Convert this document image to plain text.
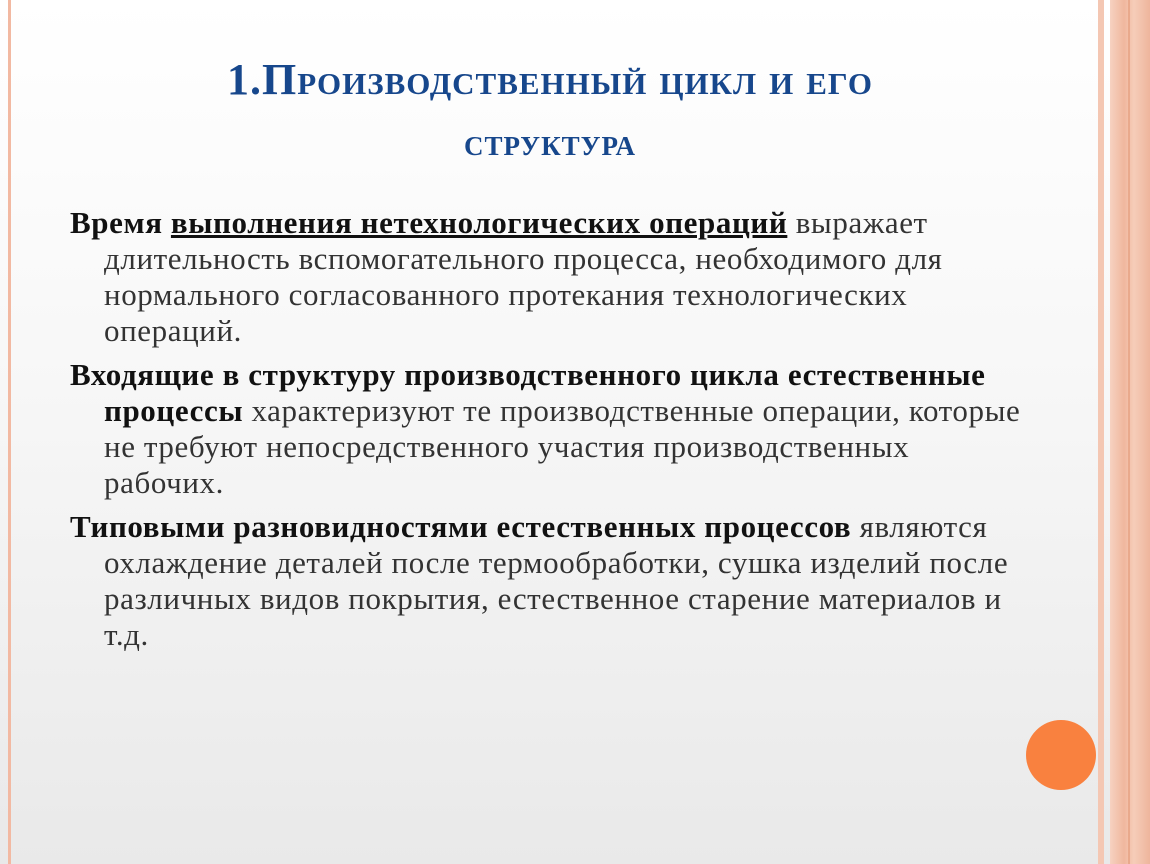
1.Производственный цикл и его
структура

Время выполнения нетехнологических операций выражает длительность вспомогательного процесса, необходимого для нормального согласованного протекания технологических операций.

Входящие в структуру производственного цикла естественные процессы характеризуют те производственные операции, которые не требуют непосредственного участия производственных рабочих.

Типовыми разновидностями естественных процессов являются охлаждение деталей после термообработки, сушка изделий после различных видов покрытия, естественное старение материалов и т.д.
